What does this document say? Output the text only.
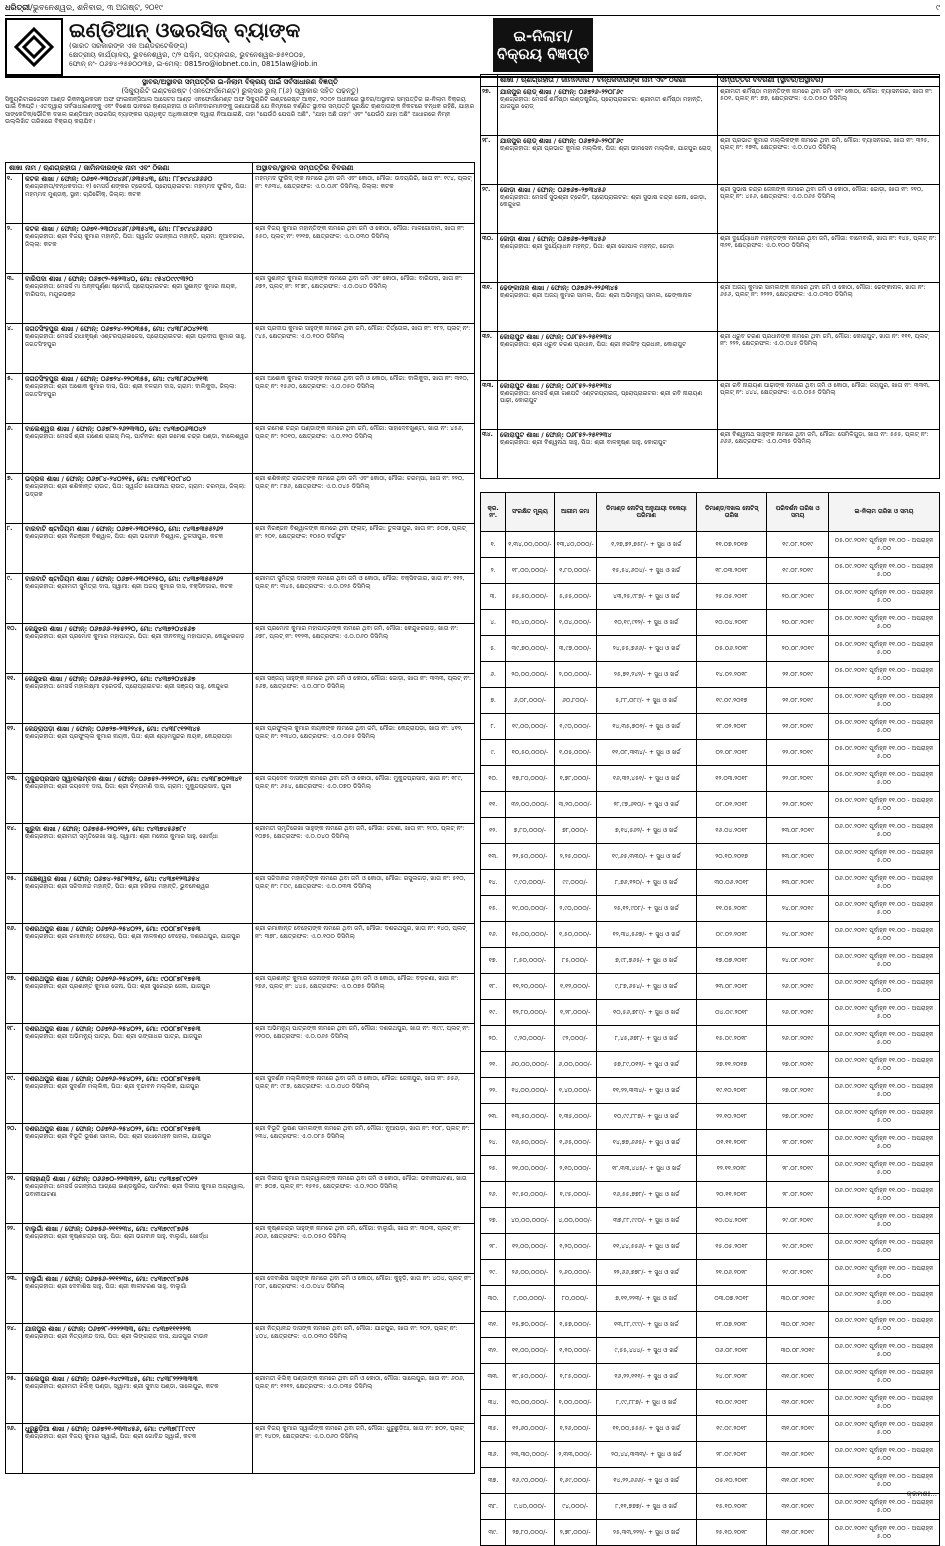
ଧରିତ୍ରୀ/ଭୁବନେଶ୍ୱର, ଶନିବାର, ୩ ଅଗଷ୍ଟ, ୨୦୧୯	୯
ଇଣ୍ଡିଆନ୍ ଓଭରସିଜ୍ ବ୍ୟାଙ୍କ
(ଭାରତ ସରକାରଙ୍କ ଏକ ଅଣ୍ଡରଟେକିଙ୍ଗ୍)
କ୍ଷେତ୍ରୀୟ କାର୍ଯ୍ୟାଳୟ, ଭୁବନେଶ୍ୱର, ୯/୨ ପଶ୍ଚିମ, ସତ୍ୟନଗର, ଭୁବନେଶ୍ୱର-୭୫୧୦୦୭,
ଫୋନ୍ ନଂ- ୦୬୭୪-୨୫୭୦୦୩୭, ଇ-ମେଲ୍: 0815ro@iobnet.co.in, 0815law@iob.in
ଇ-ନିଲାମ/ ବିକ୍ରୟ ବିଜ୍ଞପ୍ତି
ସ୍ଥାବର/ଅସ୍ଥାବର ସମ୍ପତ୍ତିର ଇ-ନିଲାମ ବିକ୍ରୟ ପାଇଁ ସର୍ବସାଧାରଣ ବିଜ୍ଞପ୍ତି
(ସିକ୍ୟୁରିଟି ଇଣ୍ଟରେଷ୍ଟ (ଏନଫୋର୍ସମେଣ୍ଟ) ରୁଲ୍ସର ରୁଲ୍ ୮(୬) ସ୍ୱୀକାର ସହିତ ପଢ଼ନ୍ତୁ)
ସିକ୍ୟୁରିଟାଇଜେସନ ଆଣ୍ଡ ରିକନଷ୍ଟ୍ରକସନ ଅଫ ଫାଇନାନ୍ସିଆଲ ଆସେଟସ ଆଣ୍ଡ ଏନଫୋର୍ସମେଣ୍ଟ ଅଫ ସିକ୍ୟୁରିଟି ଇଣ୍ଟରେଷ୍ଟ ଆକ୍ଟ, ୨୦୦୨ ଅଧୀନରେ ସ୍ଥାବର/ଅସ୍ଥାବର ସମ୍ପତ୍ତିର ଇ-ନିଲାମ ବିକ୍ରୟ ପାଇଁ ବିଜ୍ଞପ୍ତି। ଏତଦ୍ୱାରା ସର୍ବସାଧାରଣଙ୍କୁ ଏବଂ ବିଶେଷ ଭାବରେ ଋଣଗ୍ରହୀତା ଓ ଜାମିନଦାରମାନଙ୍କୁ ଜଣାଯାଉଛି ଯେ ନିମ୍ନରେ ବର୍ଣ୍ଣିତ ସ୍ଥାବର ସମ୍ପତ୍ତି ସୁରକ୍ଷିତ ଋଣଦାତାଙ୍କ ନିକଟରେ ବନ୍ଧକ ରହିଛି, ଯାହାର ସାଙ୍କେତିକ/ଭୌତିକ ଦଖଲ ଇଣ୍ଡିଆନ୍ ଓଭରସିଜ୍ ବ୍ୟାଙ୍କର ପ୍ରାଧିକୃତ ଅଧିକାରୀଙ୍କ ଦ୍ୱାରା ନିଆଯାଇଛି, ତାହା "ଯେଉଁଠି ଯେପରି ଅଛି", "ଯାହା ଅଛି ତାହା" ଏବଂ "ଯେଉଁଠି ଯାହା ଅଛି" ଆଧାରରେ ନିମ୍ନ ଉଲ୍ଲିଖିତ ତାରିଖରେ ବିକ୍ରୟ କରାଯିବ।
ଶାଖା ନାମ / ଋଣଗ୍ରହୀତା / ଜାମିନଦାରଙ୍କ ନାମ ଏବଂ ଠିକଣା	ଅସ୍ଥାବର/ସ୍ଥାବର ସମ୍ପତ୍ତିର ବିବରଣୀ
୧.	କଟକ ଶାଖା / ଫୋନ୍: ୦୬୭୧-୨୩୦୪୪୬୮/୬୩୫୪୩, ମୋ: ୮୮୭୯୪୪୬୬୬୦
ଋଣଗ୍ରହୀତା/ବନ୍ଧକଦାତା: ୧) ମେସର୍ସ ଶଙ୍କର ଟ୍ରେଡର୍ସ, ପ୍ରୋପ୍ରାଇଟର: ମହମ୍ମଦ ଫୁରିଦ୍, ପିତା: ମହମ୍ମଦ ମୁଶ୍ତାକ୍, ସ୍ଥାନ: ଚାନ୍ଦିଚୌକ୍, ଜିଲ୍ଲା: କଟକ
ମହମ୍ମଦ ଫୁରିଦ୍ ଙ୍କ ନାମରେ ଥିବା ଜମି ଏବଂ କୋଠା, ମୌଜା: ଉଦୟଗିରି, ଖାତା ନଂ: ୧୯୪, ପ୍ଲଟ୍ ନଂ: ୧୬୩୪, କ୍ଷେତ୍ରଫଳ: ଏ.୦.୦୬୮ ଡିସିମିଲ୍, ଜିଲ୍ଲା: କଟକ
୨.	କଟକ ଶାଖା / ଫୋନ୍: ୦୬୭୧-୨୩୦୪୪୬୮/୬୩୫୪୩, ମୋ: ୮୮୭୯୪୪୬୬୬୦
ଋଣଗ୍ରହୀତା: ଶ୍ରୀ ବିଜୟ କୁମାର ମହାନ୍ତି, ପିତା: ସ୍ୱର୍ଗତ ଜଗନ୍ନାଥ ମହାନ୍ତି, ଗ୍ରାମ: ନୂଆବଜାର, ଜିଲ୍ଲା: କଟକ
ଶ୍ରୀ ବିଜୟ କୁମାର ମହାନ୍ତିଙ୍କ ନାମରେ ଥିବା ଜମି ଓ କୋଠା, ମୌଜା: ମାଳଗୋଦାମ, ଖାତା ନଂ: ୫୫୦, ପ୍ଲଟ୍ ନଂ: ୧୨୧୭, କ୍ଷେତ୍ରଫଳ: ଏ.୦.୦୩୦ ଡିସିମିଲ୍
୩.	ବାରିପଦା ଶାଖା / ଫୋନ୍: ୦୬୭୯୨-୨୫୨୩୪୦, ମୋ: ୯୫୪୦୯୯୯୩୨୦
ଋଣଗ୍ରହୀତା: ମେସର୍ସ ମା ଅନ୍ନପୂର୍ଣ୍ଣା ଷ୍ଟୋର୍ସ, ପ୍ରୋପ୍ରାଇଟର: ଶ୍ରୀ ସୁଶାନ୍ତ କୁମାର ନାୟକ, ବାରିପଦା, ମୟୂରଭଞ୍ଜ
ଶ୍ରୀ ସୁଶାନ୍ତ କୁମାର ନାୟକଙ୍କ ନାମରେ ଥିବା ଜମି ଏବଂ କୋଠା, ମୌଜା: ବାରିପଦା, ଖାତା ନଂ: ୬୭୨, ପ୍ଲଟ୍ ନଂ: ୨୮୭୮, କ୍ଷେତ୍ରଫଳ: ଏ.୦.୦୪୦ ଡିସିମିଲ୍
୪.	ଜଗତସିଂହପୁର ଶାଖା / ଫୋନ୍: ୦୬୭୨୪-୨୨୦୩୫୫, ମୋ: ୯୪୩୮୬୦୪୨୧୩
ଋଣଗ୍ରହୀତା: ମେସର୍ସ ରାଧାକୃଷ୍ଣ ଏଣ୍ଟରପ୍ରାଇଜେସ, ପ୍ରୋପ୍ରାଇଟର: ଶ୍ରୀ ପ୍ରଦୀପ କୁମାର ସାହୁ, ଜଗତସିଂହପୁର
ଶ୍ରୀ ପ୍ରଦୀପ କୁମାର ସାହୁଙ୍କ ନାମରେ ଥିବା ଜମି, ମୌଜା: ତିର୍ତ୍ତୋଲ, ଖାତା ନଂ: ୧୮୨, ପ୍ଲଟ୍ ନଂ: ୯୪୫, କ୍ଷେତ୍ରଫଳ: ଏ.୦.୧୦୦ ଡିସିମିଲ୍
୫.	ଜଗତସିଂହପୁର ଶାଖା / ଫୋନ୍: ୦୬୭୨୪-୨୨୦୩୫୫, ମୋ: ୯୪୩୮୬୦୪୨୧୩
ଋଣଗ୍ରହୀତା: ଶ୍ରୀ ଅଶୋକ କୁମାର ଦାସ, ପିତା: ଶ୍ରୀ ବଳରାମ ଦାସ, ଗ୍ରାମ: ବାଲିକୁଦା, ଜିଲ୍ଲା: ଜଗତସିଂହପୁର
ଶ୍ରୀ ଅଶୋକ କୁମାର ଦାସଙ୍କ ନାମରେ ଥିବା ଜମି ଓ କୋଠା, ମୌଜା: ବାଲିକୁଦା, ଖାତା ନଂ: ୩୧୦, ପ୍ଲଟ୍ ନଂ: ୧୫୬୦, କ୍ଷେତ୍ରଫଳ: ଏ.୦.୦୫୦ ଡିସିମିଲ୍
୬.	ବାଲେଶ୍ୱର ଶାଖା / ଫୋନ୍: ୦୬୭୮୨-୨୬୨୩୩୦, ମୋ: ୯୪୩୭୦୬୩୦୪୨
ଋଣଗ୍ରହୀତା: ମେସର୍ସ ଶ୍ରୀ ଗଣେଶ ରାଇସ୍ ମିଲ୍, ପାର୍ଟନର: ଶ୍ରୀ ରମେଶ ଚନ୍ଦ୍ର ପଣ୍ଡା, ବାଲେଶ୍ୱର
ଶ୍ରୀ ରମେଶ ଚନ୍ଦ୍ର ପଣ୍ଡାଙ୍କ ନାମରେ ଥିବା ଜମି, ମୌଜା: ସାହାଦେବଖୁଣ୍ଟା, ଖାତା ନଂ: ୪୫୬, ପ୍ଲଟ୍ ନଂ: ୨୦୧୦, କ୍ଷେତ୍ରଫଳ: ଏ.୦.୧୨୦ ଡିସିମିଲ୍
୭.	ଭଦ୍ରକ ଶାଖା / ଫୋନ୍: ୦୬୭୮୪-୨୪୦୨୧୫, ମୋ: ୯୪୩୮୧୦୯୮୪୦
ଋଣଗ୍ରହୀତା: ଶ୍ରୀ ଶଶିକାନ୍ତ ରାଉତ, ପିତା: ସ୍ୱର୍ଗତ ଗୋପୀନାଥ ରାଉତ, ଗ୍ରାମ: ଚରମ୍ପା, ଜିଲ୍ଲା: ଭଦ୍ରକ
ଶ୍ରୀ ଶଶିକାନ୍ତ ରାଉତଙ୍କ ନାମରେ ଥିବା ଜମି ଏବଂ କୋଠା, ମୌଜା: ଚରମ୍ପା, ଖାତା ନଂ: ୨୨୦, ପ୍ଲଟ୍ ନଂ: ୮୭୬, କ୍ଷେତ୍ରଫଳ: ଏ.୦.୦୪୫ ଡିସିମିଲ୍
୮.	ବାରବାଟି ଷ୍ଟାଡିୟମ ଶାଖା / ଫୋନ୍: ୦୬୭୧-୨୩୦୧୨୫୦, ମୋ: ୯୪୩୭୩୫୫୨୬୨
ଋଣଗ୍ରହୀତା: ଶ୍ରୀ ନିରଞ୍ଜନ ବିଶ୍ୱାଳ, ପିତା: ଶ୍ରୀ ଭଗବାନ ବିଶ୍ୱାଳ, ତୁଳସୀପୁର, କଟକ
ଶ୍ରୀ ନିରଞ୍ଜନ ବିଶ୍ୱାଳଙ୍କ ନାମରେ ଥିବା ଫ୍ଲାଟ୍, ମୌଜା: ତୁଳସୀପୁର, ଖାତା ନଂ: ୫୦୭, ପ୍ଲଟ୍ ନଂ: ୨୦୧, କ୍ଷେତ୍ରଫଳ: ୧୦୫୦ ବର୍ଗଫୁଟ
୯.	ବାରବାଟି ଷ୍ଟାଡିୟମ ଶାଖା / ଫୋନ୍: ୦୬୭୧-୨୩୦୧୨୫୦, ମୋ: ୯୪୩୭୩୫୫୨୬୨
ଋଣଗ୍ରହୀତା: ଶ୍ରୀମତୀ ସୁମିତ୍ରା ଦାସ, ସ୍ୱାମୀ: ଶ୍ରୀ ଅଜୟ କୁମାର ଦାସ, ବକ୍ସିବଜାର, କଟକ
ଶ୍ରୀମତୀ ସୁମିତ୍ରା ଦାସଙ୍କ ନାମରେ ଥିବା ଜମି ଓ କୋଠା, ମୌଜା: ବକ୍ସିବଜାର, ଖାତା ନଂ: ୧୧୨, ପ୍ଲଟ୍ ନଂ: ୩୪୫, କ୍ଷେତ୍ରଫଳ: ଏ.୦.୦୨୫ ଡିସିମିଲ୍
୧୦.	କେନ୍ଦୁଝର ଶାଖା / ଫୋନ୍: ୦୬୭୬୬-୨୫୫୨୨୦, ମୋ: ୯୪୩୭୨୦୪୫୬୭
ଋଣଗ୍ରହୀତା: ଶ୍ରୀ ପ୍ରମୋଦ କୁମାର ମହାପାତ୍ର, ପିତା: ଶ୍ରୀ ଦୀନବନ୍ଧୁ ମହାପାତ୍ର, କେନ୍ଦୁଝରଗଡ଼
ଶ୍ରୀ ପ୍ରମୋଦ କୁମାର ମହାପାତ୍ରଙ୍କ ନାମରେ ଥିବା ଜମି, ମୌଜା: କେନ୍ଦୁଝରଗଡ଼, ଖାତା ନଂ: ୬୭୮, ପ୍ଲଟ୍ ନଂ: ୧୧୨୩, କ୍ଷେତ୍ରଫଳ: ଏ.୦.୦୬୦ ଡିସିମିଲ୍
୧୧.	କେନ୍ଦୁଝର ଶାଖା / ଫୋନ୍: ୦୬୭୬୬-୨୫୫୨୨୦, ମୋ: ୯୪୩୭୨୦୪୫୬୭
ଋଣଗ୍ରହୀତା: ମେସର୍ସ ମହାଲକ୍ଷ୍ମୀ ଟ୍ରେଡର୍ସ, ପ୍ରୋପ୍ରାଇଟର: ଶ୍ରୀ ସଞ୍ଜୟ ସାହୁ, କେନ୍ଦୁଝର
ଶ୍ରୀ ସଞ୍ଜୟ ସାହୁଙ୍କ ନାମରେ ଥିବା ଜମି ଓ କୋଠା, ମୌଜା: ଜୋଡ଼ା, ଖାତା ନଂ: ୩୩୩, ପ୍ଲଟ୍ ନଂ: ୫୬୭, କ୍ଷେତ୍ରଫଳ: ଏ.୦.୦୮୦ ଡିସିମିଲ୍
୧୨.	କେନ୍ଦ୍ରାପଡ଼ା ଶାଖା / ଫୋନ୍: ୦୬୭୨୭-୨୩୨୨୪୫, ମୋ: ୯୪୩୮୯୧୨୩୪୫
ଋଣଗ୍ରହୀତା: ଶ୍ରୀ ପ୍ରଫୁଲ୍ଲ କୁମାର ନାୟକ, ପିତା: ଶ୍ରୀ ଶ୍ୟାମସୁନ୍ଦର ନାୟକ, କେନ୍ଦ୍ରାପଡ଼ା
ଶ୍ରୀ ପ୍ରଫୁଲ୍ଲ କୁମାର ନାୟକଙ୍କ ନାମରେ ଥିବା ଜମି, ମୌଜା: କେନ୍ଦ୍ରାପଡ଼ା, ଖାତା ନଂ: ୪୧୨, ପ୍ଲଟ୍ ନଂ: ୧୩୪୦, କ୍ଷେତ୍ରଫଳ: ଏ.୦.୦୫୫ ଡିସିମିଲ୍
୧୩.	ମୁକୁନ୍ଦପ୍ରସାଦ ସ୍ୱାବଲମ୍ବନ ଶାଖା / ଫୋନ୍: ୦୬୭୫୨-୨୨୨୧୦୨, ମୋ: ୯୪୩୮୭୦୨୩୪୧
ଋଣଗ୍ରହୀତା: ଶ୍ରୀ ଜୟଦେବ ଦାସ, ପିତା: ଶ୍ରୀ ଚିନ୍ତାମଣି ଦାସ, ଗ୍ରାମ: ମୁକୁନ୍ଦପ୍ରସାଦ, ପୁରୀ
ଶ୍ରୀ ଜୟଦେବ ଦାସଙ୍କ ନାମରେ ଥିବା ଜମି ଓ କୋଠା, ମୌଜା: ମୁକୁନ୍ଦପ୍ରସାଦ, ଖାତା ନଂ: ୧୮୯, ପ୍ଲଟ୍ ନଂ: ୬୫୪, କ୍ଷେତ୍ରଫଳ: ଏ.୦.୦୭୦ ଡିସିମିଲ୍
୧୪.	ଖୁରୁଦା ଶାଖା / ଫୋନ୍: ୦୬୭୫୫-୨୨୦୨୧୨, ମୋ: ୯୪୩୭୪୫୬୭୮୯
ଋଣଗ୍ରହୀତା: ଶ୍ରୀମତୀ ସ୍ମୃତିରେଖା ସାହୁ, ସ୍ୱାମୀ: ଶ୍ରୀ ମନୋଜ କୁମାର ସାହୁ, ଖୋର୍ଦ୍ଧା
ଶ୍ରୀମତୀ ସ୍ମୃତିରେଖା ସାହୁଙ୍କ ନାମରେ ଥିବା ଜମି, ମୌଜା: ଜଟଣୀ, ଖାତା ନଂ: ୨୯୦, ପ୍ଲଟ୍ ନଂ: ୧୦୭୫, କ୍ଷେତ୍ରଫଳ: ଏ.୦.୦୪୦ ଡିସିମିଲ୍
୧୫.	ମଞ୍ଚେଶ୍ୱର ଶାଖା / ଫୋନ୍: ୦୬୭୪-୨୫୮୨୩୨୪, ମୋ: ୯୪୩୭୧୨୩୬୫୪
ଋଣଗ୍ରହୀତା: ଶ୍ରୀ ସଚ୍ଚିଦାନନ୍ଦ ମହାନ୍ତି, ପିତା: ଶ୍ରୀ ହରିହର ମହାନ୍ତି, ଭୁବନେଶ୍ୱର
ଶ୍ରୀ ସଚ୍ଚିଦାନନ୍ଦ ମହାନ୍ତିଙ୍କ ନାମରେ ଥିବା ଜମି ଓ କୋଠା, ମୌଜା: ରସୁଲଗଡ଼, ଖାତା ନଂ: ୫୧୦, ପ୍ଲଟ୍ ନଂ: ୮୦୯, କ୍ଷେତ୍ରଫଳ: ଏ.୦.୦୩୩ ଡିସିମିଲ୍
୧୬.	ଦଶରଥପୁର ଶାଖା / ଫୋନ୍: ୦୬୭୨୬-୨୫୪୦୨୨, ମୋ: ୯୦୦୮୭୮୧୭୫୩
ଋଣଗ୍ରହୀତା: ଶ୍ରୀ ରମାକାନ୍ତ ବେହେରା, ପିତା: ଶ୍ରୀ ନୀଳକଣ୍ଠ ବେହେରା, ଦଶରଥପୁର, ଯାଜପୁର
ଶ୍ରୀ ରମାକାନ୍ତ ବେହେରାଙ୍କ ନାମରେ ଥିବା ଜମି, ମୌଜା: ଦଶରଥପୁର, ଖାତା ନଂ: ୧୪୦, ପ୍ଲଟ୍ ନଂ: ୩୭୮, କ୍ଷେତ୍ରଫଳ: ଏ.୦.୧୦୦ ଡିସିମିଲ୍
୧୭.	ଦଶରଥପୁର ଶାଖା / ଫୋନ୍: ୦୬୭୨୬-୨୫୪୦୨୨, ମୋ: ୯୦୦୮୭୮୧୭୫୩
ଋଣଗ୍ରହୀତା: ଶ୍ରୀ ପ୍ରଶାନ୍ତ କୁମାର ଜେନା, ପିତା: ଶ୍ରୀ ସୁରେନ୍ଦ୍ର ଜେନା, ଯାଜପୁର
ଶ୍ରୀ ପ୍ରଶାନ୍ତ କୁମାର ଜେନାଙ୍କ ନାମରେ ଥିବା ଜମି ଓ କୋଠା, ମୌଜା: ବଡ଼ଚଣା, ଖାତା ନଂ: ୨୭୬, ପ୍ଲଟ୍ ନଂ: ୪୪୫, କ୍ଷେତ୍ରଫଳ: ଏ.୦.୦୭୫ ଡିସିମିଲ୍
୧୮.	ଦଶରଥପୁର ଶାଖା / ଫୋନ୍: ୦୬୭୨୬-୨୫୪୦୨୨, ମୋ: ୯୦୦୮୭୮୧୭୫୩
ଋଣଗ୍ରହୀତା: ଶ୍ରୀ ଅଭିମନ୍ୟୁ ପାତ୍ର, ପିତା: ଶ୍ରୀ ଗଙ୍ଗାଧର ପାତ୍ର, ଯାଜପୁର
ଶ୍ରୀ ଅଭିମନ୍ୟୁ ପାତ୍ରଙ୍କ ନାମରେ ଥିବା ଜମି, ମୌଜା: ଦଶରଥପୁର, ଖାତା ନଂ: ୩୯୯, ପ୍ଲଟ୍ ନଂ: ୧୨୦୦, କ୍ଷେତ୍ରଫଳ: ଏ.୦.୦୬୫ ଡିସିମିଲ୍
୧୯.	ଦଶରଥପୁର ଶାଖା / ଫୋନ୍: ୦୬୭୨୬-୨୫୪୦୨୨, ମୋ: ୯୦୦୮୭୮୧୭୫୩
ଋଣଗ୍ରହୀତା: ଶ୍ରୀ ସୁଦର୍ଶନ ମଲ୍ଲିକ, ପିତା: ଶ୍ରୀ ବୃନ୍ଦାବନ ମଲ୍ଲିକ, ଯାଜପୁର
ଶ୍ରୀ ସୁଦର୍ଶନ ମଲ୍ଲିକଙ୍କ ନାମରେ ଥିବା ଜମି ଓ କୋଠା, ମୌଜା: ଜେନାପୁର, ଖାତା ନଂ: ୫୫୬, ପ୍ଲଟ୍ ନଂ: ୯୮୭, କ୍ଷେତ୍ରଫଳ: ଏ.୦.୦୪୦ ଡିସିମିଲ୍
୨୦.	ଦଶରଥପୁର ଶାଖା / ଫୋନ୍: ୦୬୭୨୬-୨୫୪୦୨୨, ମୋ: ୯୦୦୮୭୮୧୭୫୩
ଋଣଗ୍ରହୀତା: ଶ୍ରୀ ବିଭୂତି ଭୂଷଣ ସାମଲ, ପିତା: ଶ୍ରୀ ରାଧାମୋହନ ସାମଲ, ଯାଜପୁର
ଶ୍ରୀ ବିଭୂତି ଭୂଷଣ ସାମଲଙ୍କ ନାମରେ ଥିବା ଜମି, ମୌଜା: ନୂଆପଡ଼ା, ଖାତା ନଂ: ୧୦୮, ପ୍ଲଟ୍ ନଂ: ୨୩୪, କ୍ଷେତ୍ରଫଳ: ଏ.୦.୦୮୫ ଡିସିମିଲ୍
୨୧.	କଳାହାଣ୍ଡି ଶାଖା / ଫୋନ୍: ୦୬୬୭୦-୨୨୩୩୨୨, ମୋ: ୯୪୩୭୭୮୯୦୧୨
ଋଣଗ୍ରହୀତା: ମେସର୍ସ ଜଗନ୍ନାଥ ଆଗ୍ରୋ ଇଣ୍ଡଷ୍ଟ୍ରିଜ୍, ପାର୍ଟନର: ଶ୍ରୀ ଦିଲୀପ କୁମାର ଅଗ୍ରୱାଲ, ଭବାନୀପାଟଣା
ଶ୍ରୀ ଦିଲୀପ କୁମାର ଅଗ୍ରୱାଲଙ୍କ ନାମରେ ଥିବା ଜମି ଓ କୋଠା, ମୌଜା: ଭବାନୀପାଟଣା, ଖାତା ନଂ: ୭୦୭, ପ୍ଲଟ୍ ନଂ: ୧୫୧୫, କ୍ଷେତ୍ରଫଳ: ଏ.୦.୨୦୦ ଡିସିମିଲ୍
୨୨.	ବାଲୁଗାଁ ଶାଖା / ଫୋନ୍: ୦୬୭୫୬-୨୧୧୨୩୪, ମୋ: ୯୪୩୭୯୯୮୭୬୫
ଋଣଗ୍ରହୀତା: ଶ୍ରୀ କୃଷ୍ଣଚନ୍ଦ୍ର ସାହୁ, ପିତା: ଶ୍ରୀ ଭଗବାନ ସାହୁ, ବାଲୁଗାଁ, ଖୋର୍ଦ୍ଧା
ଶ୍ରୀ କୃଷ୍ଣଚନ୍ଦ୍ର ସାହୁଙ୍କ ନାମରେ ଥିବା ଜମି, ମୌଜା: ବାଲୁଗାଁ, ଖାତା ନଂ: ୩୦୩, ପ୍ଲଟ୍ ନଂ: ୬୦୬, କ୍ଷେତ୍ରଫଳ: ଏ.୦.୦୫୦ ଡିସିମିଲ୍
୨୩.	ବାଲୁଗାଁ ଶାଖା / ଫୋନ୍: ୦୬୭୫୬-୨୧୧୨୩୪, ମୋ: ୯୪୩୭୯୯୮୭୬୫
ଋଣଗ୍ରହୀତା: ଶ୍ରୀ ଦେବାଶିଷ ସାହୁ, ପିତା: ଶ୍ରୀ କାଳୀଚରଣ ସାହୁ, ବାଲୁଗାଁ
ଶ୍ରୀ ଦେବାଶିଷ ସାହୁଙ୍କ ନାମରେ ଥିବା ଜମି ଓ କୋଠା, ମୌଜା: କୁହୁଡ଼ି, ଖାତା ନଂ: ୪୦୪, ପ୍ଲଟ୍ ନଂ: ୮୦୮, କ୍ଷେତ୍ରଫଳ: ଏ.୦.୦୪୪ ଡିସିମିଲ୍
୨୪.	ଯାଜପୁର ଶାଖା / ଫୋନ୍: ୦୬୭୨୮-୨୨୨୨୩୩, ମୋ: ୯୪୩୭୧୧୧୨୨୩
ଋଣଗ୍ରହୀତା: ଶ୍ରୀ ନିତ୍ୟାନନ୍ଦ ଦାସ, ପିତା: ଶ୍ରୀ ଲିଙ୍ଗରାଜ ଦାସ, ଯାଜପୁର ଟାଉନ
ଶ୍ରୀ ନିତ୍ୟାନନ୍ଦ ଦାସଙ୍କ ନାମରେ ଥିବା ଜମି, ମୌଜା: ଯାଜପୁର, ଖାତା ନଂ: ୨୦୨, ପ୍ଲଟ୍ ନଂ: ୪୦୪, କ୍ଷେତ୍ରଫଳ: ଏ.୦.୦୩୦ ଡିସିମିଲ୍
୨୫.	ସାଲେପୁର ଶାଖା / ଫୋନ୍: ୦୬୭୧-୨୪୯୨୩୪୫, ମୋ: ୯୪୩୮୨୨୨୩୩୩
ଋଣଗ୍ରହୀତା: ଶ୍ରୀମତୀ ଝିଲିକ୍ ପଣ୍ଡା, ସ୍ୱାମୀ: ଶ୍ରୀ ସୁବାସ ପଣ୍ଡା, ସାଲେପୁର, କଟକ
ଶ୍ରୀମତୀ ଝିଲିକ୍ ପଣ୍ଡାଙ୍କ ନାମରେ ଥିବା ଜମି ଓ କୋଠା, ମୌଜା: ସାଲେପୁର, ଖାତା ନଂ: ୬୦୬, ପ୍ଲଟ୍ ନଂ: ୧୨୧୨, କ୍ଷେତ୍ରଫଳ: ଏ.୦.୦୩୫ ଡିସିମିଲ୍
୨୬.	ଧୁରୁଛୁଡ଼ିଆ ଶାଖା / ଫୋନ୍: ୦୬୭୨୧-୨୩୩୪୫୬, ମୋ: ୯୪୩୭୮୮୮୯୯୯
ଋଣଗ୍ରହୀତା: ଶ୍ରୀ ବିଜୟ କୁମାର ସ୍ୱାଇଁ, ପିତା: ଶ୍ରୀ ଗୋବିନ୍ଦ ସ୍ୱାଇଁ, କଟକ
ଶ୍ରୀ ବିଜୟ କୁମାର ସ୍ୱାଇଁଙ୍କ ନାମରେ ଥିବା ଜମି, ମୌଜା: ଧୁରୁଛୁଡ଼ିଆ, ଖାତା ନଂ: ୭୦୧, ପ୍ଲଟ୍ ନଂ: ୧୪୦୨, କ୍ଷେତ୍ରଫଳ: ଏ.୦.୦୬୦ ଡିସିମିଲ୍
ଶାଖା / ଋଣଗ୍ରହୀତା / ଜାମିନଦାର / ବନ୍ଧକଦାତାଙ୍କ ନାମ ଏବଂ ଠିକଣା	ସମ୍ପତ୍ତିର ବିବରଣୀ (ସ୍ଥାବର/ଅସ୍ଥାବର)
୨୭.	ଯାଜପୁର ରୋଡ୍ ଶାଖା / ଫୋନ୍: ୦୬୭୨୬-୨୨୦୮୬୯
ଋଣଗ୍ରହୀତା: ମେସର୍ସ ଶର୍ମିଷ୍ଠା ଇଣ୍ଡଷ୍ଟ୍ରିଜ୍, ପ୍ରୋପ୍ରାଇଟର: ଶ୍ରୀମତୀ ଶର୍ମିଷ୍ଠା ମହାନ୍ତି, ଯାଜପୁର ରୋଡ୍
ଶ୍ରୀମତୀ ଶର୍ମିଷ୍ଠା ମହାନ୍ତିଙ୍କ ନାମରେ ଥିବା ଜମି ଏବଂ କୋଠା, ମୌଜା: ବ୍ୟାସନଗର, ଖାତା ନଂ: ୫୦୧, ପ୍ଲଟ୍ ନଂ: ୭୭, କ୍ଷେତ୍ରଫଳ: ଏ.୦.୦୫୦ ଡିସିମିଲ୍
୨୮.	ଯାଜପୁର ରୋଡ୍ ଶାଖା / ଫୋନ୍: ୦୬୭୨୬-୨୨୦୮୬୯
ଋଣଗ୍ରହୀତା: ଶ୍ରୀ ପ୍ରଭାତ କୁମାର ମଲ୍ଲିକ, ପିତା: ଶ୍ରୀ ଭୀମସେନ ମଲ୍ଲିକ, ଯାଜପୁର ରୋଡ୍
ଶ୍ରୀ ପ୍ରଭାତ କୁମାର ମଲ୍ଲିକଙ୍କ ନାମରେ ଥିବା ଜମି, ମୌଜା: ବ୍ୟାସନଗର, ଖାତା ନଂ: ୩୨୫, ପ୍ଲଟ୍ ନଂ: ୧୭୩, କ୍ଷେତ୍ରଫଳ: ଏ.୦.୦୪୦ ଡିସିମିଲ୍
୨୯.	ଜୋଡ଼ା ଶାଖା / ଫୋନ୍: ୦୬୭୬୭-୨୭୩୪୫୬
ଋଣଗ୍ରହୀତା: ମେସର୍ସ ସୁଭଶ୍ରୀ ଟ୍ରେଡିଂ, ପ୍ରୋପ୍ରାଇଟର: ଶ୍ରୀ ସୁଭାଷ ଚନ୍ଦ୍ର ଜେନା, ଜୋଡ଼ା, କେନ୍ଦୁଝର
ଶ୍ରୀ ସୁଭାଷ ଚନ୍ଦ୍ର ଜେନାଙ୍କ ନାମରେ ଥିବା ଜମି ଓ କୋଠା, ମୌଜା: ଜୋଡ଼ା, ଖାତା ନଂ: ୨୧୦, ପ୍ଲଟ୍ ନଂ: ୪୫୬, କ୍ଷେତ୍ରଫଳ: ଏ.୦.୦୬୫ ଡିସିମିଲ୍
୩୦.	ଜୋଡ଼ା ଶାଖା / ଫୋନ୍: ୦୬୭୬୭-୨୭୩୪୫୬
ଋଣଗ୍ରହୀତା: ଶ୍ରୀ ଦୁର୍ଯ୍ୟୋଧନ ମହନ୍ତ, ପିତା: ଶ୍ରୀ ଗୋପାଳ ମହନ୍ତ, ଜୋଡ଼ା
ଶ୍ରୀ ଦୁର୍ଯ୍ୟୋଧନ ମହନ୍ତଙ୍କ ନାମରେ ଥିବା ଜମି, ମୌଜା: ବାମେବାରି, ଖାତା ନଂ: ୧୪୫, ପ୍ଲଟ୍ ନଂ: ୩୨୧, କ୍ଷେତ୍ରଫଳ: ଏ.୦.୧୦୦ ଡିସିମିଲ୍
୩୧.	ଢେଙ୍କାନାଳ ଶାଖା / ଫୋନ୍: ୦୬୭୬୨-୨୨୬୩୪୫
ଋଣଗ୍ରହୀତା: ଶ୍ରୀ ଅଜୟ କୁମାର ସାମଲ, ପିତା: ଶ୍ରୀ ଅଭିମନ୍ୟୁ ସାମଲ, ଢେଙ୍କାନାଳ
ଶ୍ରୀ ଅଜୟ କୁମାର ସାମଲଙ୍କ ନାମରେ ଥିବା ଜମି ଓ କୋଠା, ମୌଜା: ଢେଙ୍କାନାଳ, ଖାତା ନଂ: ୬୫୬, ପ୍ଲଟ୍ ନଂ: ୨୨୨୨, କ୍ଷେତ୍ରଫଳ: ଏ.୦.୦୩୦ ଡିସିମିଲ୍
୩୨.	କୋରାପୁଟ ଶାଖା / ଫୋନ୍: ୦୬୮୫୨-୨୫୧୨୩୪
ଋଣଗ୍ରହୀତା: ଶ୍ରୀ ଧ୍ରୁବ ଚରଣ ପ୍ରଧାନ, ପିତା: ଶ୍ରୀ ନରସିଂହ ପ୍ରଧାନ, କୋରାପୁଟ
ଶ୍ରୀ ଧ୍ରୁବ ଚରଣ ପ୍ରଧାନଙ୍କ ନାମରେ ଥିବା ଜମି, ମୌଜା: କୋରାପୁଟ, ଖାତା ନଂ: ୧୧୧, ପ୍ଲଟ୍ ନଂ: ୨୨୨, କ୍ଷେତ୍ରଫଳ: ଏ.୦.୦୪୫ ଡିସିମିଲ୍
୩୩. କୋରାପୁଟ ଶାଖା / ଫୋନ୍: ୦୬୮୫୨-୨୫୧୨୩୪
ଋଣଗ୍ରହୀତା: ମେସର୍ସ ଶ୍ରୀ ଗଣପତି ଏଣ୍ଟରପ୍ରାଇଜ୍, ପ୍ରୋପ୍ରାଇଟର: ଶ୍ରୀ ରବି ନାରାୟଣ ପାଢ଼ୀ, କୋରାପୁଟ
ଶ୍ରୀ ରବି ନାରାୟଣ ପାଢ଼ୀଙ୍କ ନାମରେ ଥିବା ଜମି ଓ କୋଠା, ମୌଜା: ଜୟପୁର, ଖାତା ନଂ: ୩୩୩, ପ୍ଲଟ୍ ନଂ: ୪୪୪, କ୍ଷେତ୍ରଫଳ: ଏ.୦.୦୫୫ ଡିସିମିଲ୍
୩୪.	କୋରାପୁଟ ଶାଖା / ଫୋନ୍: ୦୬୮୫୨-୨୫୧୨୩୪
ଋଣଗ୍ରହୀତା: ଶ୍ରୀ ବିଶ୍ୱନାଥ ସାହୁ, ପିତା: ଶ୍ରୀ ବାଳକୃଷ୍ଣ ସାହୁ, କୋରାପୁଟ
ଶ୍ରୀ ବିଶ୍ୱନାଥ ସାହୁଙ୍କ ନାମରେ ଥିବା ଜମି, ମୌଜା: ସେମିଳିଗୁଡ଼ା, ଖାତା ନଂ: ୫୫୫, ପ୍ଲଟ୍ ନଂ: ୬୬୬, କ୍ଷେତ୍ରଫଳ: ଏ.୦.୦୩୫ ଡିସିମିଲ୍
କ୍ର. ନଂ.	ସଂରକ୍ଷିତ ମୂଲ୍ୟ	ଆଗୀମ ଜମା	ଡିମାଣ୍ଡ ନୋଟିସ୍ ଅନୁଯାୟୀ ବକେୟା ପରିମାଣ	ଡିମାଣ୍ଡ/ଦଖଲ ନୋଟିସ୍ ତାରିଖ	ପରିଦର୍ଶନ ତାରିଖ ଓ ସମୟ	ଇ-ନିଲାମ ତାରିଖ ଓ ସମୟ
୧.	୧,୩୪,୦୦,୦୦୦/-	୧୩,୪୦,୦୦୦/-	୧,୨୭,୭୨,୭୫୮/- + ସୁଧ ଓ ଖର୍ଚ୍ଚ	୧୧.୦୭.୨୦୧୭	୧୯.୦୮.୨୦୧୯	୦୫.୦୯.୨୦୧୯ ପୂର୍ବାହ୍ନ ୧୧.୦୦ - ଅପରାହ୍ନ ୫.୦୦
୨.	୧୮,୦୦,୦୦୦/-	୧,୮୦,୦୦୦/-	୧୫,୫୪,୬୦୪/- + ସୁଧ ଓ ଖର୍ଚ୍ଚ	୧୮.୦୩.୨୦୧୮	୧୯.୦୮.୨୦୧୯	୦୫.୦୯.୨୦୧୯ ପୂର୍ବାହ୍ନ ୧୧.୦୦ - ଅପରାହ୍ନ ୫.୦୦
୩.	୫୫,୫୦,୦୦୦/-	୫,୫୫,୦୦୦/-	୪୩,୨୫,୯୮୭/- + ସୁଧ ଓ ଖର୍ଚ୍ଚ	୨୫.୦୫.୨୦୧୮	୨୦.୦୮.୨୦୧୯	୦୫.୦୯.୨୦୧୯ ପୂର୍ବାହ୍ନ ୧୧.୦୦ - ଅପରାହ୍ନ ୫.୦୦
୪.	୧୦,୪୦,୦୦୦/-	୧,୦୪,୦୦୦/-	୧୦,୧୯,୯୧୨/- + ସୁଧ ଓ ଖର୍ଚ୍ଚ	୧୦.୦୪.୨୦୧୮	୨୦.୦୮.୨୦୧୯	୦୫.୦୯.୨୦୧୯ ପୂର୍ବାହ୍ନ ୧୧.୦୦ - ଅପରାହ୍ନ ୫.୦୦
୫.	୩୯,୭୦,୦୦୦/-	୩,୯୭,୦୦୦/-	୨୪,୫୫,୭୬୬/- + ସୁଧ ଓ ଖର୍ଚ୍ଚ	୦୫.୦୬.୨୦୧୮	୨୦.୦୮.୨୦୧୯	୦୫.୦୯.୨୦୧୯ ପୂର୍ବାହ୍ନ ୧୧.୦୦ - ଅପରାହ୍ନ ୫.୦୦
୬.	୨୦,୦୦,୦୦୦/-	୨,୦୦,୦୦୦/-	୨୫,୭୧,୨୪୨/- + ସୁଧ ଓ ଖର୍ଚ୍ଚ	୧୪.୦୨.୨୦୧୮	୨୧.୦୮.୨୦୧୯	୦୫.୦୯.୨୦୧୯ ପୂର୍ବାହ୍ନ ୧୧.୦୦ - ଅପରାହ୍ନ ୫.୦୦
୭.	୬,୦୮,୦୦୦/-	୬୦,୮୦୦/-	୫,୮୮,୦୮୯/- + ସୁଧ ଓ ଖର୍ଚ୍ଚ	୧୯.୦୯.୨୦୧୭	୨୧.୦୮.୨୦୧୯	୦୫.୦୯.୨୦୧୯ ପୂର୍ବାହ୍ନ ୧୧.୦୦ - ଅପରାହ୍ନ ୫.୦୦
୮.	୧୯,୦୦,୦୦୦/-	୧,୯୦,୦୦୦/-	୧୪,୩୫,୭୦୨/- + ସୁଧ ଓ ଖର୍ଚ୍ଚ	୨୮.୦୨.୨୦୧୮	୨୧.୦୮.୨୦୧୯	୦୫.୦୯.୨୦୧୯ ପୂର୍ବାହ୍ନ ୧୧.୦୦ - ଅପରାହ୍ନ ୫.୦୦
୯.	୧୦,୫୦,୦୦୦/-	୧,୦୫,୦୦୦/-	୧୧,୦୮,୩୩୪/- + ସୁଧ ଓ ଖର୍ଚ୍ଚ	୦୨.୦୮.୨୦୧୮	୨୨.୦୮.୨୦୧୯	୦୫.୦୯.୨୦୧୯ ପୂର୍ବାହ୍ନ ୧୧.୦୦ - ଅପରାହ୍ନ ୫.୦୦
୧୦.	୧୭,୮୦,୦୦୦/-	୧,୭୮,୦୦୦/-	୧୬,୩୨,୪୫୧/- + ସୁଧ ଓ ଖର୍ଚ୍ଚ	୧୨.୦୩.୨୦୧୮	୨୨.୦୮.୨୦୧୯	୦୫.୦୯.୨୦୧୯ ପୂର୍ବାହ୍ନ ୧୧.୦୦ - ଅପରାହ୍ନ ୫.୦୦
୧୧.	୩୨,୦୦,୦୦୦/-	୩,୨୦,୦୦୦/-	୨୮,୯୭,୬୧୦/- + ସୁଧ ଓ ଖର୍ଚ୍ଚ	୦୮.୦୧.୨୦୧୮	୨୨.୦୮.୨୦୧୯	୦୫.୦୯.୨୦୧୯ ପୂର୍ବାହ୍ନ ୧୧.୦୦ - ଅପରାହ୍ନ ୫.୦୦
୧୨.	୭,୮୦,୦୦୦/-	୭୮,୦୦୦/-	୭,୧୪,୫୬୨/- + ସୁଧ ଓ ଖର୍ଚ୍ଚ	୧୬.୦୪.୨୦୧୮	୨୩.୦୮.୨୦୧୯	୦୬.୦୯.୨୦୧୯ ପୂର୍ବାହ୍ନ ୧୧.୦୦ - ଅପରାହ୍ନ ୫.୦୦
୧୩.	୨୨,୫୦,୦୦୦/-	୨,୨୫,୦୦୦/-	୧୯,୬୫,୩୩୦/- + ସୁଧ ଓ ଖର୍ଚ୍ଚ	୨୦.୧୦.୨୦୧୭	୨୩.୦୮.୨୦୧୯	୦୬.୦୯.୨୦୧୯ ପୂର୍ବାହ୍ନ ୧୧.୦୦ - ଅପରାହ୍ନ ୫.୦୦
୧୪.	୯,୯୦,୦୦୦/-	୯୯,୦୦୦/-	୮,୭୬,୧୨୦/- + ସୁଧ ଓ ଖର୍ଚ୍ଚ	୩୦.୦୬.୨୦୧୮	୨୩.୦୮.୨୦୧୯	୦୬.୦୯.୨୦୧୯ ପୂର୍ବାହ୍ନ ୧୧.୦୦ - ଅପରାହ୍ନ ୫.୦୦
୧୫.	୨୯,୦୦,୦୦୦/-	୨,୯୦,୦୦୦/-	୨୫,୧୨,୯୦୮/- + ସୁଧ ଓ ଖର୍ଚ୍ଚ	୧୧.୦୫.୨୦୧୮	୨୪.୦୮.୨୦୧୯	୦୬.୦୯.୨୦୧୯ ପୂର୍ବାହ୍ନ ୧୧.୦୦ - ଅପରାହ୍ନ ୫.୦୦
୧୬.	୧୫,୦୦,୦୦୦/-	୧,୫୦,୦୦୦/-	୧୨,୩୪,୫୬୭/- + ସୁଧ ଓ ଖର୍ଚ୍ଚ	୦୯.୦୨.୨୦୧୮	୨୪.୦୮.୨୦୧୯	୦୬.୦୯.୨୦୧୯ ପୂର୍ବାହ୍ନ ୧୧.୦୦ - ଅପରାହ୍ନ ୫.୦୦
୧୭.	୮,୫୦,୦୦୦/-	୮୫,୦୦୦/-	୭,୯୮,୭୬୫/- + ସୁଧ ଓ ଖର୍ଚ୍ଚ	୧୭.୦୭.୨୦୧୮	୨୪.୦୮.୨୦୧୯	୦୬.୦୯.୨୦୧୯ ପୂର୍ବାହ୍ନ ୧୧.୦୦ - ଅପରାହ୍ନ ୫.୦୦
୧୮.	୧୧,୨୦,୦୦୦/-	୧,୧୨,୦୦୦/-	୯,୮୭,୬୫୪/- + ସୁଧ ଓ ଖର୍ଚ୍ଚ	୨୩.୦୮.୨୦୧୮	୨୬.୦୮.୨୦୧୯	୦୬.୦୯.୨୦୧୯ ପୂର୍ବାହ୍ନ ୧୧.୦୦ - ଅପରାହ୍ନ ୫.୦୦
୧୯.	୧୨,୮୦,୦୦୦/-	୧,୨୮,୦୦୦/-	୧୦,୫୬,୭୮୯/- + ସୁଧ ଓ ଖର୍ଚ୍ଚ	୦୪.୦୯.୨୦୧୮	୨୬.୦୮.୨୦୧୯	୦୬.୦୯.୨୦୧୯ ପୂର୍ବାହ୍ନ ୧୧.୦୦ - ଅପରାହ୍ନ ୫.୦୦
୨୦.	୯,୨୦,୦୦୦/-	୯୨,୦୦୦/-	୮,୪୫,୬୭୮/- + ସୁଧ ଓ ଖର୍ଚ୍ଚ	୧୫.୦୯.୨୦୧୮	୨୬.୦୮.୨୦୧୯	୦୬.୦୯.୨୦୧୯ ପୂର୍ବାହ୍ନ ୧୧.୦୦ - ଅପରାହ୍ନ ୫.୦୦
୨୧.	୬୦,୦୦,୦୦୦/-	୬,୦୦,୦୦୦/-	୫୭,୮୯,୦୧୨/- + ସୁଧ ଓ ଖର୍ଚ୍ଚ	୨୭.୧୧.୨୦୧୭	୨୭.୦୮.୨୦୧୯	୦୬.୦୯.୨୦୧୯ ପୂର୍ବାହ୍ନ ୧୧.୦୦ - ଅପରାହ୍ନ ୫.୦୦
୨୨.	୧୪,୦୦,୦୦୦/-	୧,୪୦,୦୦୦/-	୧୧,୨୨,୩୩୪/- + ସୁଧ ଓ ଖର୍ଚ୍ଚ	୧୯.୧୦.୨୦୧୮	୨୭.୦୮.୨୦୧୯	୦୬.୦୯.୨୦୧୯ ପୂର୍ବାହ୍ନ ୧୧.୦୦ - ଅପରାହ୍ନ ୫.୦୦
୨୩.	୧୩,୫୦,୦୦୦/-	୧,୩୫,୦୦୦/-	୧୦,୯୯,୮୮୭/- + ସୁଧ ଓ ଖର୍ଚ୍ଚ	୨୨.୧୦.୨୦୧୮	୨୭.୦୮.୨୦୧୯	୦୬.୦୯.୨୦୧୯ ପୂର୍ବାହ୍ନ ୧୧.୦୦ - ଅପରାହ୍ନ ୫.୦୦
୨୪.	୧୬,୫୦,୦୦୦/-	୧,୬୫,୦୦୦/-	୧୪,୭୭,୬୬୫/- + ସୁଧ ଓ ଖର୍ଚ୍ଚ	୦୧.୧୧.୨୦୧୮	୨୮.୦୮.୨୦୧୯	୦୬.୦୯.୨୦୧୯ ପୂର୍ବାହ୍ନ ୧୧.୦୦ - ଅପରାହ୍ନ ୫.୦୦
୨୫.	୨୧,୦୦,୦୦୦/-	୨,୧୦,୦୦୦/-	୧୮,୩୩,୪୪୫/- + ସୁଧ ଓ ଖର୍ଚ୍ଚ	୧୨.୧୧.୨୦୧୮	୨୮.୦୮.୨୦୧୯	୦୬.୦୯.୨୦୧୯ ପୂର୍ବାହ୍ନ ୧୧.୦୦ - ଅପରାହ୍ନ ୫.୦୦
୨୬.	୧୯,୫୦,୦୦୦/-	୧,୯୫,୦୦୦/-	୧୬,୫୫,୭୭୮/- + ସୁଧ ଓ ଖର୍ଚ୍ଚ	୨୦.୧୧.୨୦୧୮	୨୮.୦୮.୨୦୧୯	୦୬.୦୯.୨୦୧୯ ପୂର୍ବାହ୍ନ ୧୧.୦୦ - ଅପରାହ୍ନ ୫.୦୦
୨୭.	୪୦,୦୦,୦୦୦/-	୪,୦୦,୦୦୦/-	୩୭,୮୮,୯୯୦/- + ସୁଧ ଓ ଖର୍ଚ୍ଚ	୧୦.୦୪.୨୦୧୮	୨୯.୦୮.୨୦୧୯	୦୬.୦୯.୨୦୧୯ ପୂର୍ବାହ୍ନ ୧୧.୦୦ - ଅପରାହ୍ନ ୫.୦୦
୨୮.	୧୨,୦୦,୦୦୦/-	୧,୨୦,୦୦୦/-	୧୧,୪୪,୫୫୬/- + ସୁଧ ଓ ଖର୍ଚ୍ଚ	୧୫.୦୫.୨୦୧୮	୨୯.୦୮.୨୦୧୯	୦୬.୦୯.୨୦୧୯ ପୂର୍ବାହ୍ନ ୧୧.୦୦ - ଅପରାହ୍ନ ୫.୦୦
୨୯.	୨୬,୦୦,୦୦୦/-	୨,୬୦,୦୦୦/-	୨୨,୬୬,୭୭୮/- + ସୁଧ ଓ ଖର୍ଚ୍ଚ	୨୧.୦୬.୨୦୧୮	୨୯.୦୮.୨୦୧୯	୦୬.୦୯.୨୦୧୯ ପୂର୍ବାହ୍ନ ୧୧.୦୦ - ଅପରାହ୍ନ ୫.୦୦
୩୦.	୮,୦୦,୦୦୦/-	୮୦,୦୦୦/-	୭,୧୧,୨୨୩/- + ସୁଧ ଓ ଖର୍ଚ୍ଚ	୦୩.୦୭.୨୦୧୮	୩୦.୦୮.୨୦୧୯	୦୬.୦୯.୨୦୧୯ ପୂର୍ବାହ୍ନ ୧୧.୦୦ - ଅପରାହ୍ନ ୫.୦୦
୩୧.	୧୫,୭୦,୦୦୦/-	୧,୫୭,୦୦୦/-	୧୩,୮୮,୯୯୯/- + ସୁଧ ଓ ଖର୍ଚ୍ଚ	୧୮.୦୭.୨୦୧୮	୩୦.୦୮.୨୦୧୯	୦୬.୦୯.୨୦୧୯ ପୂର୍ବାହ୍ନ ୧୧.୦୦ - ଅପରାହ୍ନ ୫.୦୦
୩୨.	୧୧,୦୦,୦୦୦/-	୧,୧୦,୦୦୦/-	୯,୫୫,୪୪୪/- + ସୁଧ ଓ ଖର୍ଚ୍ଚ	୦୬.୦୮.୨୦୧୮	୩୦.୦୮.୨୦୧୯	୦୬.୦୯.୨୦୧୯ ପୂର୍ବାହ୍ନ ୧୧.୦୦ - ଅପରାହ୍ନ ୫.୦୦
୩୩.	୧୮,୫୦,୦୦୦/-	୧,୮୫,୦୦୦/-	୧୬,୨୨,୧୧୧/- + ସୁଧ ଓ ଖର୍ଚ୍ଚ	୨୪.୦୮.୨୦୧୮	୩୧.୦୮.୨୦୧୯	୦୬.୦୯.୨୦୧୯ ପୂର୍ବାହ୍ନ ୧୧.୦୦ - ଅପରାହ୍ନ ୫.୦୦
୩୪.	୧୦,୦୦,୦୦୦/-	୧,୦୦,୦୦୦/-	୮,୯୯,୮୮୭/- + ସୁଧ ଓ ଖର୍ଚ୍ଚ	୧୦.୦୯.୨୦୧୮	୩୧.୦୮.୨୦୧୯	୦୬.୦୯.୨୦୧୯ ପୂର୍ବାହ୍ନ ୧୧.୦୦ - ଅପରାହ୍ନ ୫.୦୦
୩୫.	୧୨,୬୦,୦୦୦/-	୧,୨୬,୦୦୦/-	୧୧,୦୦,୫୫୫/- + ସୁଧ ଓ ଖର୍ଚ୍ଚ	୧୯.୦୯.୨୦୧୮	୩୧.୦୮.୨୦୧୯	୦୬.୦୯.୨୦୧୯ ପୂର୍ବାହ୍ନ ୧୧.୦୦ - ଅପରାହ୍ନ ୫.୦୦
୩୬.	୨୩,୩୦,୦୦୦/-	୨,୩୩,୦୦୦/-	୨୦,୪୪,୩୩୩/- + ସୁଧ ଓ ଖର୍ଚ୍ଚ	୨୮.୦୯.୨୦୧୮	୩୧.୦୮.୨୦୧୯	୦୬.୦୯.୨୦୧୯ ପୂର୍ବାହ୍ନ ୧୧.୦୦ - ଅପରାହ୍ନ ୫.୦୦
୩୭.	୧୬,୯୦,୦୦୦/-	୧,୬୯,୦୦୦/-	୧୪,୨୨,୬୬୬/- + ସୁଧ ଓ ଖର୍ଚ୍ଚ	୦୫.୧୦.୨୦୧୮	୩୧.୦୮.୨୦୧୯	୦୬.୦୯.୨୦୧୯ ପୂର୍ବାହ୍ନ ୧୧.୦୦ - ଅପରାହ୍ନ ୫.୦୦
୩୮.	୯,୪୦,୦୦୦/-	୯୪,୦୦୦/-	୮,୧୧,୭୭୭/- + ସୁଧ ଓ ଖର୍ଚ୍ଚ	୧୫.୧୦.୨୦୧୮	୩୧.୦୮.୨୦୧୯	୦୬.୦୯.୨୦୧୯ ପୂର୍ବାହ୍ନ ୧୧.୦୦ - ଅପରାହ୍ନ ୫.୦୦
୩୯.	୨୭,୮୦,୦୦୦/-	୨,୭୮,୦୦୦/-	୨୫,୩୩,୨୨୨/- + ସୁଧ ଓ ଖର୍ଚ୍ଚ	୨୫.୧୦.୨୦୧୮	୩୧.୦୮.୨୦୧୯	୦୬.୦୯.୨୦୧୯ ପୂର୍ବାହ୍ନ ୧୧.୦୦ - ଅପରାହ୍ନ ୫.୦୦
କ୍ରମଶଃ...
